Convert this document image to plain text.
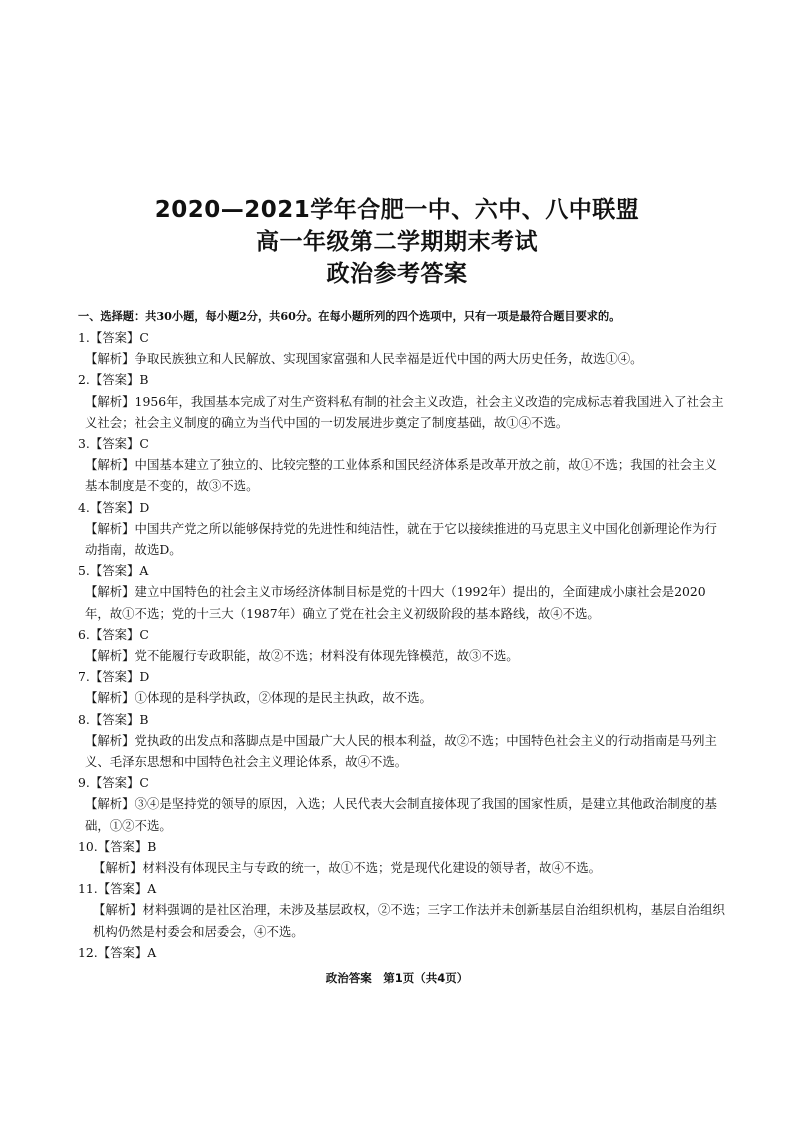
2020—2021学年合肥一中、六中、八中联盟

高一年级第二学期期末考试

政治参考答案

一、选择题：共30小题，每小题2分，共60分。在每小题所列的四个选项中，只有一项是最符合题目要求的。
1.【答案】C

【解析】争取民族独立和人民解放、实现国家富强和人民幸福是近代中国的两大历史任务，故选①④。

2.【答案】B

【解析】1956年，我国基本完成了对生产资料私有制的社会主义改造，社会主义改造的完成标志着我国进入了社会主义社会；社会主义制度的确立为当代中国的一切发展进步奠定了制度基础，故①④不选。

3.【答案】C

【解析】中国基本建立了独立的、比较完整的工业体系和国民经济体系是改革开放之前，故①不选；我国的社会主义基本制度是不变的，故③不选。

4.【答案】D

【解析】中国共产党之所以能够保持党的先进性和纯洁性，就在于它以接续推进的马克思主义中国化创新理论作为行动指南，故选D。

5.【答案】A

【解析】建立中国特色的社会主义市场经济体制目标是党的十四大（1992年）提出的，全面建成小康社会是2020年，故①不选；党的十三大（1987年）确立了党在社会主义初级阶段的基本路线，故④不选。

6.【答案】C

【解析】党不能履行专政职能，故②不选；材料没有体现先锋模范，故③不选。

7.【答案】D

【解析】①体现的是科学执政，②体现的是民主执政，故不选。

8.【答案】B

【解析】党执政的出发点和落脚点是中国最广大人民的根本利益，故②不选；中国特色社会主义的行动指南是马列主义、毛泽东思想和中国特色社会主义理论体系，故④不选。

9.【答案】C

【解析】③④是坚持党的领导的原因，入选；人民代表大会制直接体现了我国的国家性质，是建立其他政治制度的基础，①②不选。

10.【答案】B

【解析】材料没有体现民主与专政的统一，故①不选；党是现代化建设的领导者，故④不选。

11.【答案】A

【解析】材料强调的是社区治理，未涉及基层政权，②不选；三字工作法并未创新基层自治组织机构，基层自治组织机构仍然是村委会和居委会，④不选。

12.【答案】A
政治答案　第1页（共4页）
